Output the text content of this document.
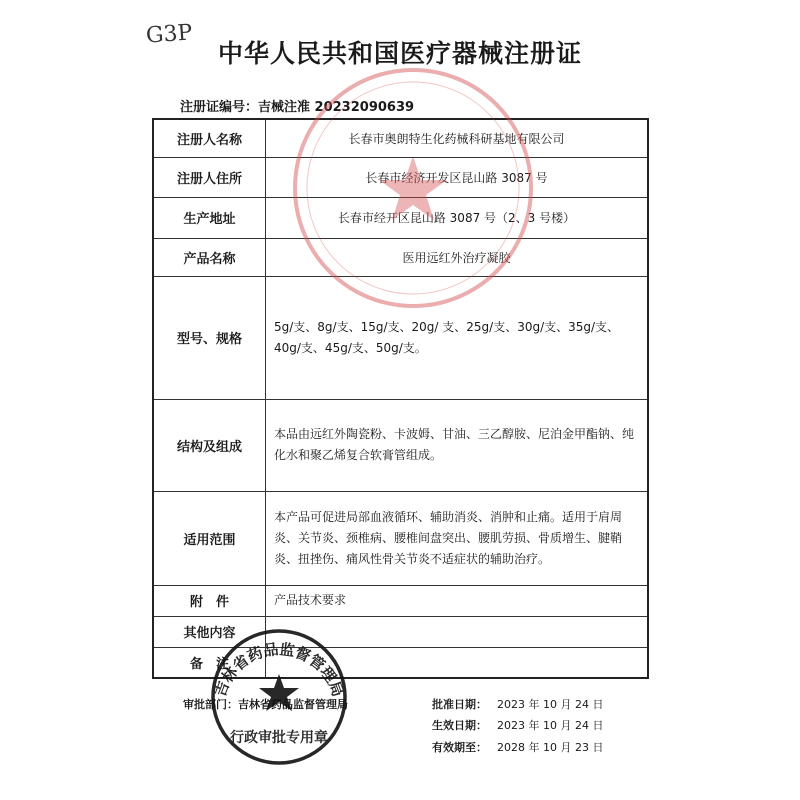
G3P
中华人民共和国医疗器械注册证
注册证编号：吉械注准 20232090639
注册人名称	长春市奥朗特生化药械科研基地有限公司
注册人住所	长春市经济开发区昆山路 3087 号
生产地址	长春市经开区昆山路 3087 号（2、3 号楼）
产品名称	医用远红外治疗凝胶
型号、规格	5g/支、8g/支、15g/支、20g/ 支、25g/支、30g/支、35g/支、40g/支、45g/支、50g/支。
结构及组成	本品由远红外陶瓷粉、卡波姆、甘油、三乙醇胺、尼泊金甲酯钠、纯化水和聚乙烯复合软膏管组成。
适用范围	本产品可促进局部血液循环、辅助消炎、消肿和止痛。适用于肩周炎、关节炎、颈椎病、腰椎间盘突出、腰肌劳损、骨质增生、腱鞘炎、扭挫伤、痛风性骨关节炎不适症状的辅助治疗。
附　件	产品技术要求
其他内容	
备　注	
审批部门：吉林省药品监督管理局	批准日期： 2023 年 10 月 24 日
生效日期： 2023 年 10 月 24 日
有效期至： 2028 年 10 月 23 日
吉林省药品监督管理局
行政审批专用章
